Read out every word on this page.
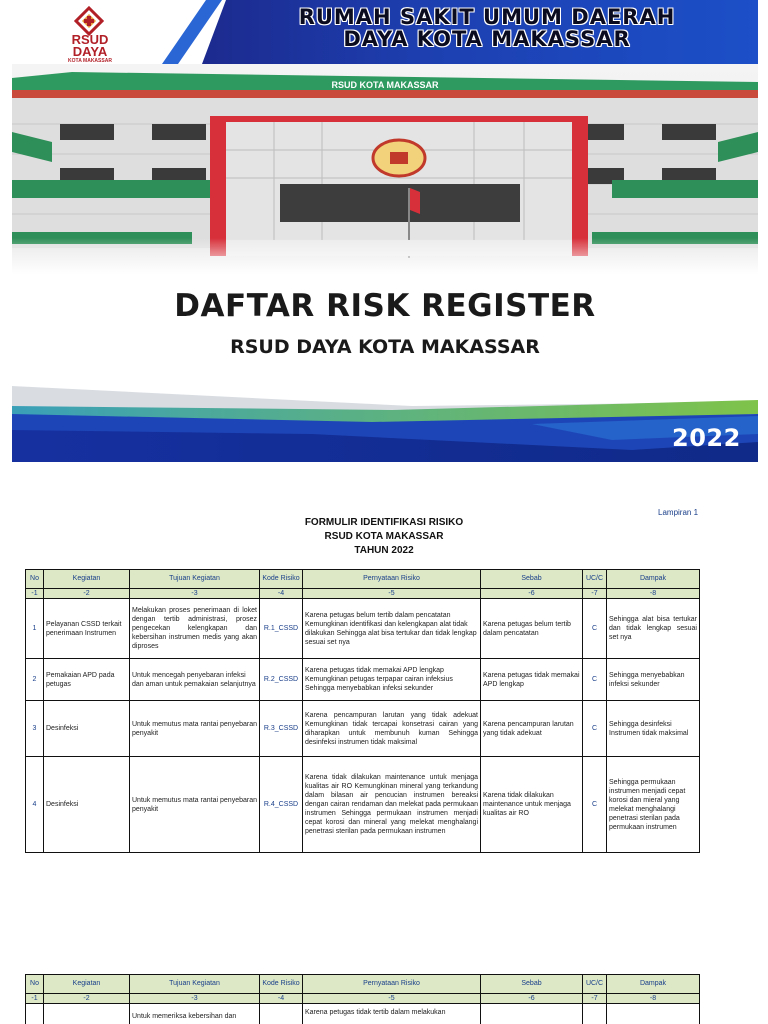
RSUD
DAYA
KOTA MAKASSAR
RUMAH SAKIT UMUM DAERAH
DAYA KOTA MAKASSAR
RSUD KOTA MAKASSAR
DAFTAR RISK REGISTER
RSUD DAYA KOTA MAKASSAR
2022
Lampiran 1
FORMULIR IDENTIFIKASI RISIKO
RSUD KOTA MAKASSAR
TAHUN 2022
No	Kegiatan	Tujuan Kegiatan	Kode Risiko	Pernyataan Risiko	Sebab	UC/C	Dampak
-1	-2	-3	-4	-5	-6	-7	-8
1	Pelayanan CSSD terkait penerimaan Instrumen	Melakukan proses penerimaan di loket dengan tertib administrasi, prosez pengecekan kelengkapan dan kebersihan instrumen medis yang akan diproses	R.1_CSSD	Karena petugas belum tertib dalam pencatatan Kemungkinan identifikasi dan kelengkapan alat tidak dilakukan Sehingga alat bisa tertukar dan tidak lengkap sesuai set nya	Karena petugas belum tertib dalam pencatatan	C	Sehingga alat bisa tertukar dan tidak lengkap sesuai set nya
2	Pemakaian APD pada petugas	Untuk mencegah penyebaran infeksi dan aman untuk pemakaian selanjutnya	R.2_CSSD	Karena petugas tidak memakai APD lengkap Kemungkinan petugas terpapar cairan infeksius Sehingga menyebabkan infeksi sekunder	Karena petugas tidak memakai APD lengkap	C	Sehingga menyebabkan infeksi sekunder
3	Desinfeksi	Untuk memutus mata rantai penyebaran penyakit	R.3_CSSD	Karena pencampuran larutan yang tidak adekuat Kemungkinan tidak tercapai konsetrasi cairan yang diharapkan untuk membunuh kuman Sehingga desinfeksi instrumen tidak maksimal	Karena pencampuran larutan yang tidak adekuat	C	Sehingga desinfeksi Instrumen tidak maksimal
4	Desinfeksi	Untuk memutus mata rantai penyebaran penyakit	R.4_CSSD	Karena tidak dilakukan maintenance untuk menjaga kualitas air RO Kemungkinan mineral yang terkandung dalam bilasan air pencucian instrumen bereaksi dengan cairan rendaman dan melekat pada permukaan instrumen Sehingga permukaan instrumen menjadi cepat korosi dan mineral yang melekat menghalangi penetrasi sterilan pada permukaan instrumen	Karena tidak dilakukan maintenance untuk menjaga kualitas air RO	C	Sehingga permukaan instrumen menjadi cepat korosi dan mieral yang melekat menghalangi penetrasi sterilan pada permukaan instrumen
No	Kegiatan	Tujuan Kegiatan	Kode Risiko	Pernyataan Risiko	Sebab	UC/C	Dampak
-1	-2	-3	-4	-5	-6	-7	-8
		Untuk memeriksa kebersihan dan		Karena petugas tidak tertib dalam melakukan			
